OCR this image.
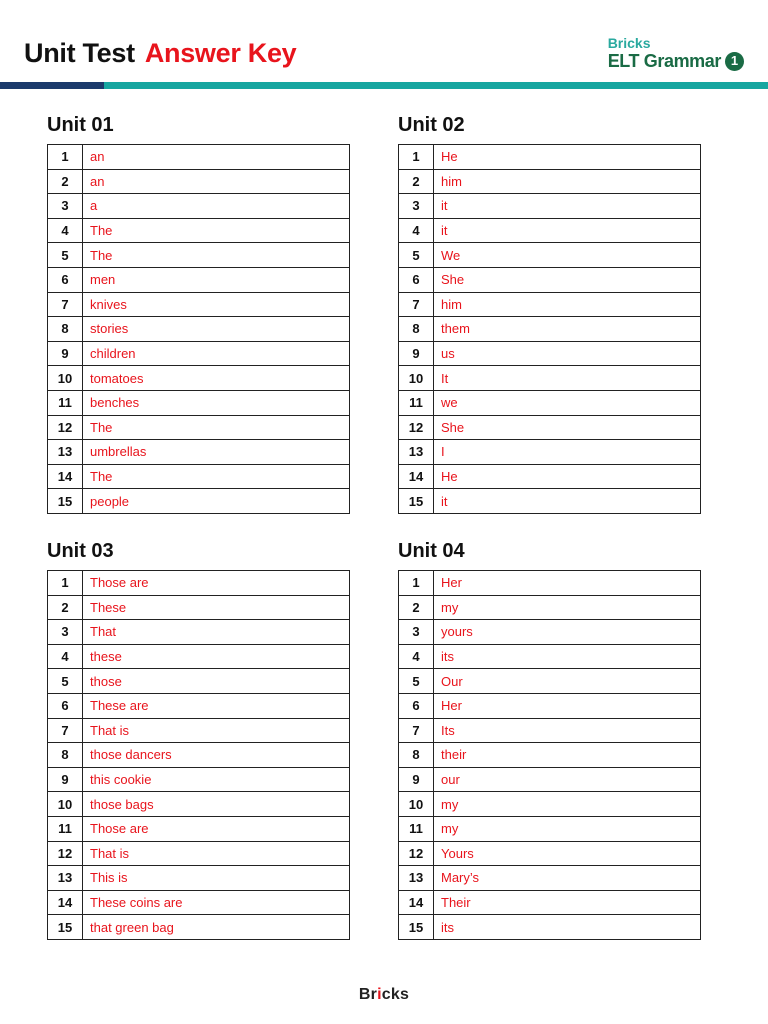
Unit Test Answer Key	Bricks
ELT Grammar 1
Unit 01
1	an
2	an
3	a
4	The
5	The
6	men
7	knives
8	stories
9	children
10	tomatoes
11	benches
12	The
13	umbrellas
14	The
15	people
Unit 02
1	He
2	him
3	it
4	it
5	We
6	She
7	him
8	them
9	us
10	It
11	we
12	She
13	I
14	He
15	it
Unit 03
1	Those are
2	These
3	That
4	these
5	those
6	These are
7	That is
8	those dancers
9	this cookie
10	those bags
11	Those are
12	That is
13	This is
14	These coins are
15	that green bag
Unit 04
1	Her
2	my
3	yours
4	its
5	Our
6	Her
7	Its
8	their
9	our
10	my
11	my
12	Yours
13	Mary’s
14	Their
15	its
Bricks
